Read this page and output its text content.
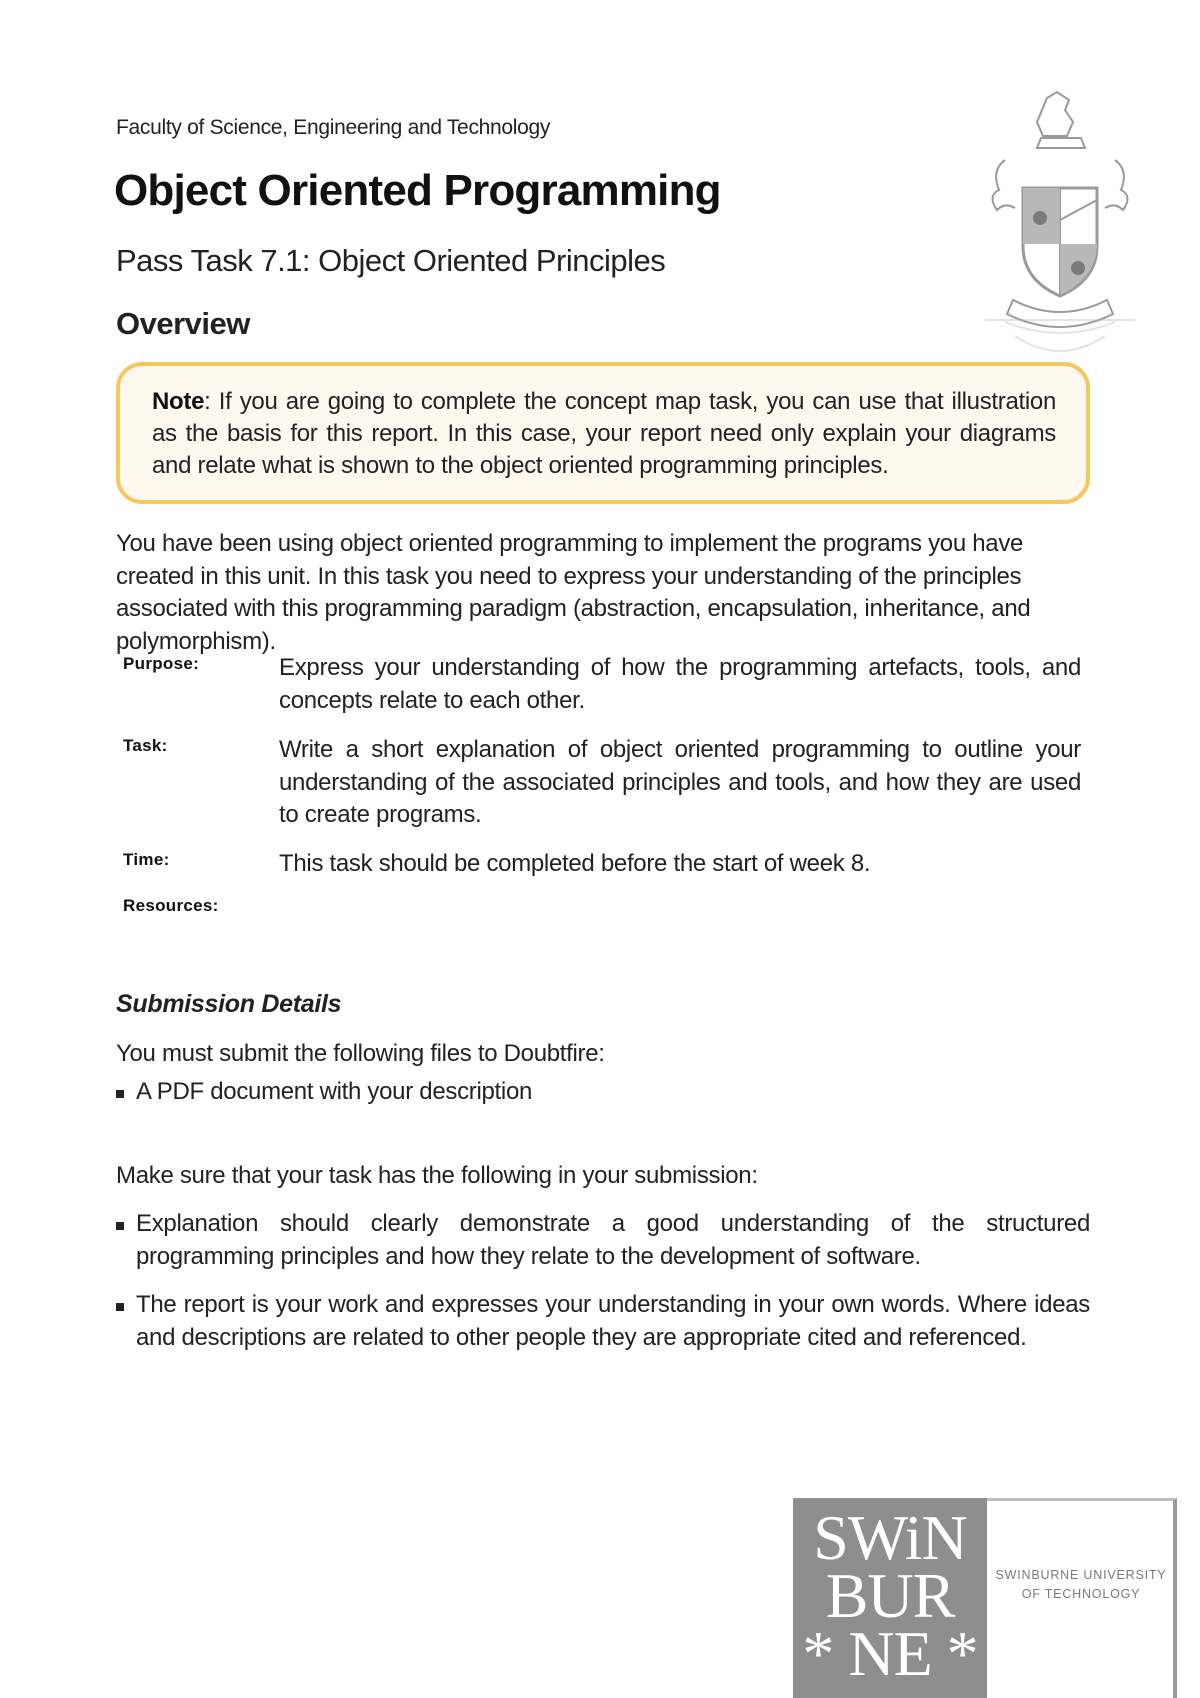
Faculty of Science, Engineering and Technology
Object Oriented Programming
Pass Task 7.1: Object Oriented Principles
Overview

Note: If you are going to complete the concept map task, you can use that illustration as the basis for this report. In this case, your report need only explain your diagrams and relate what is shown to the object oriented programming principles.

You have been using object oriented programming to implement the programs you have created in this unit. In this task you need to express your understanding of the principles associated with this programming paradigm (abstraction, encapsulation, inheritance, and polymorphism).

Purpose:	Express your understanding of how the programming artefacts, tools, and concepts relate to each other.
Task:	Write a short explanation of object oriented programming to outline your understanding of the associated principles and tools, and how they are used to create programs.
Time:	This task should be completed before the start of week 8.
Resources:
Submission Details
You must submit the following files to Doubtfire:
A PDF document with your description
Make sure that your task has the following in your submission:
Explanation should clearly demonstrate a good understanding of the structured programming principles and how they relate to the development of software.
The report is your work and expresses your understanding in your own words. Where ideas and descriptions are related to other people they are appropriate cited and referenced.
SWiN
BUR
* NE *
SWINBURNE UNIVERSITY
OF TECHNOLOGY
